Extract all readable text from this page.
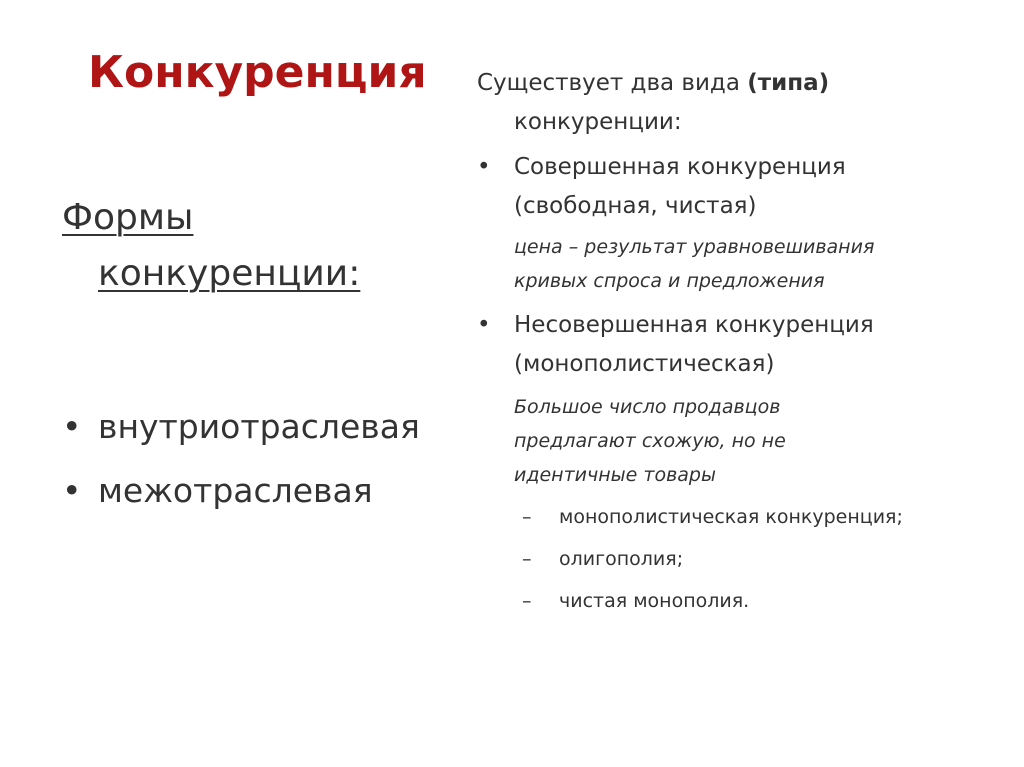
Конкуренция
Формы
конкуренции:
• внутриотраслевая
• межотраслевая

Существует два вида (типа)
конкуренции:

• Совершенная конкуренция
(свободная, чистая)

цена – результат уравновешивания

кривых спроса и предложения

• Несовершенная конкуренция
(монополистическая)

Большое число продавцов

предлагают схожую, но не

идентичные товары

– монополистическая конкуренция;

– олигополия;

– чистая монополия.
